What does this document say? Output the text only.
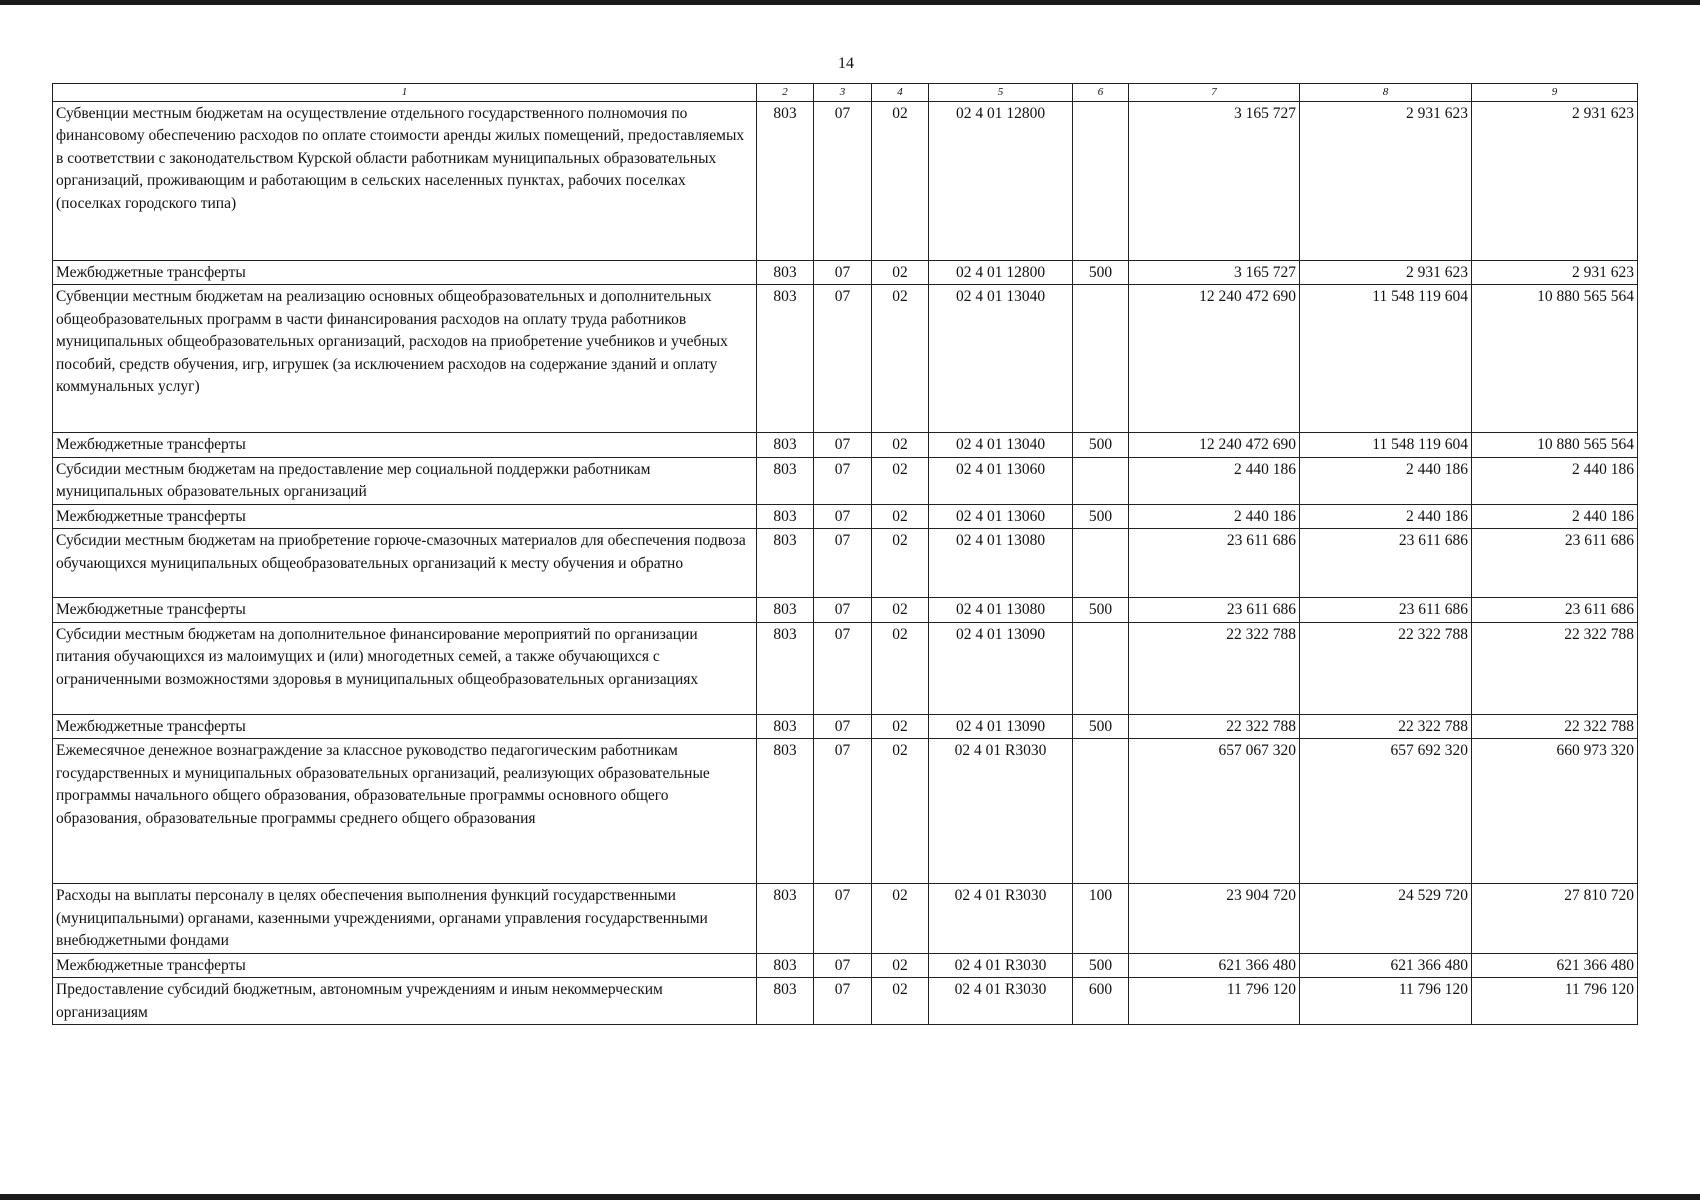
14
1	2	3	4	5	6	7	8	9
Субвенции местным бюджетам на осуществление отдельного государственного полномочия по финансовому обеспечению расходов по оплате стоимости аренды жилых помещений, предоставляемых в соответствии с законодательством Курской области работникам муниципальных образовательных организаций, проживающим и работающим в сельских населенных пунктах, рабочих поселках (поселках городского типа)	803	07	02	02 4 01 12800		3 165 727	2 931 623	2 931 623
Межбюджетные трансферты	803	07	02	02 4 01 12800	500	3 165 727	2 931 623	2 931 623
Субвенции местным бюджетам на реализацию основных общеобразовательных и дополнительных общеобразовательных программ в части финансирования расходов на оплату труда работников муниципальных общеобразовательных организаций, расходов на приобретение учебников и учебных пособий, средств обучения, игр, игрушек (за исключением расходов на содержание зданий и оплату коммунальных услуг)	803	07	02	02 4 01 13040		12 240 472 690	11 548 119 604	10 880 565 564
Межбюджетные трансферты	803	07	02	02 4 01 13040	500	12 240 472 690	11 548 119 604	10 880 565 564
Субсидии местным бюджетам на предоставление мер социальной поддержки работникам муниципальных образовательных организаций	803	07	02	02 4 01 13060		2 440 186	2 440 186	2 440 186
Межбюджетные трансферты	803	07	02	02 4 01 13060	500	2 440 186	2 440 186	2 440 186
Субсидии местным бюджетам на приобретение горюче-смазочных материалов для обеспечения подвоза обучающихся муниципальных общеобразовательных организаций к месту обучения и обратно	803	07	02	02 4 01 13080		23 611 686	23 611 686	23 611 686
Межбюджетные трансферты	803	07	02	02 4 01 13080	500	23 611 686	23 611 686	23 611 686
Субсидии местным бюджетам на дополнительное финансирование мероприятий по организации питания обучающихся из малоимущих и (или) многодетных семей, а также обучающихся с ограниченными возможностями здоровья в муниципальных общеобразовательных организациях	803	07	02	02 4 01 13090		22 322 788	22 322 788	22 322 788
Межбюджетные трансферты	803	07	02	02 4 01 13090	500	22 322 788	22 322 788	22 322 788
Ежемесячное денежное вознаграждение за классное руководство педагогическим работникам государственных и муниципальных образовательных организаций, реализующих образовательные программы начального общего образования, образовательные программы основного общего образования, образовательные программы среднего общего образования	803	07	02	02 4 01 R3030		657 067 320	657 692 320	660 973 320
Расходы на выплаты персоналу в целях обеспечения выполнения функций государственными (муниципальными) органами, казенными учреждениями, органами управления государственными внебюджетными фондами	803	07	02	02 4 01 R3030	100	23 904 720	24 529 720	27 810 720
Межбюджетные трансферты	803	07	02	02 4 01 R3030	500	621 366 480	621 366 480	621 366 480
Предоставление субсидий бюджетным, автономным учреждениям и иным некоммерческим организациям	803	07	02	02 4 01 R3030	600	11 796 120	11 796 120	11 796 120
